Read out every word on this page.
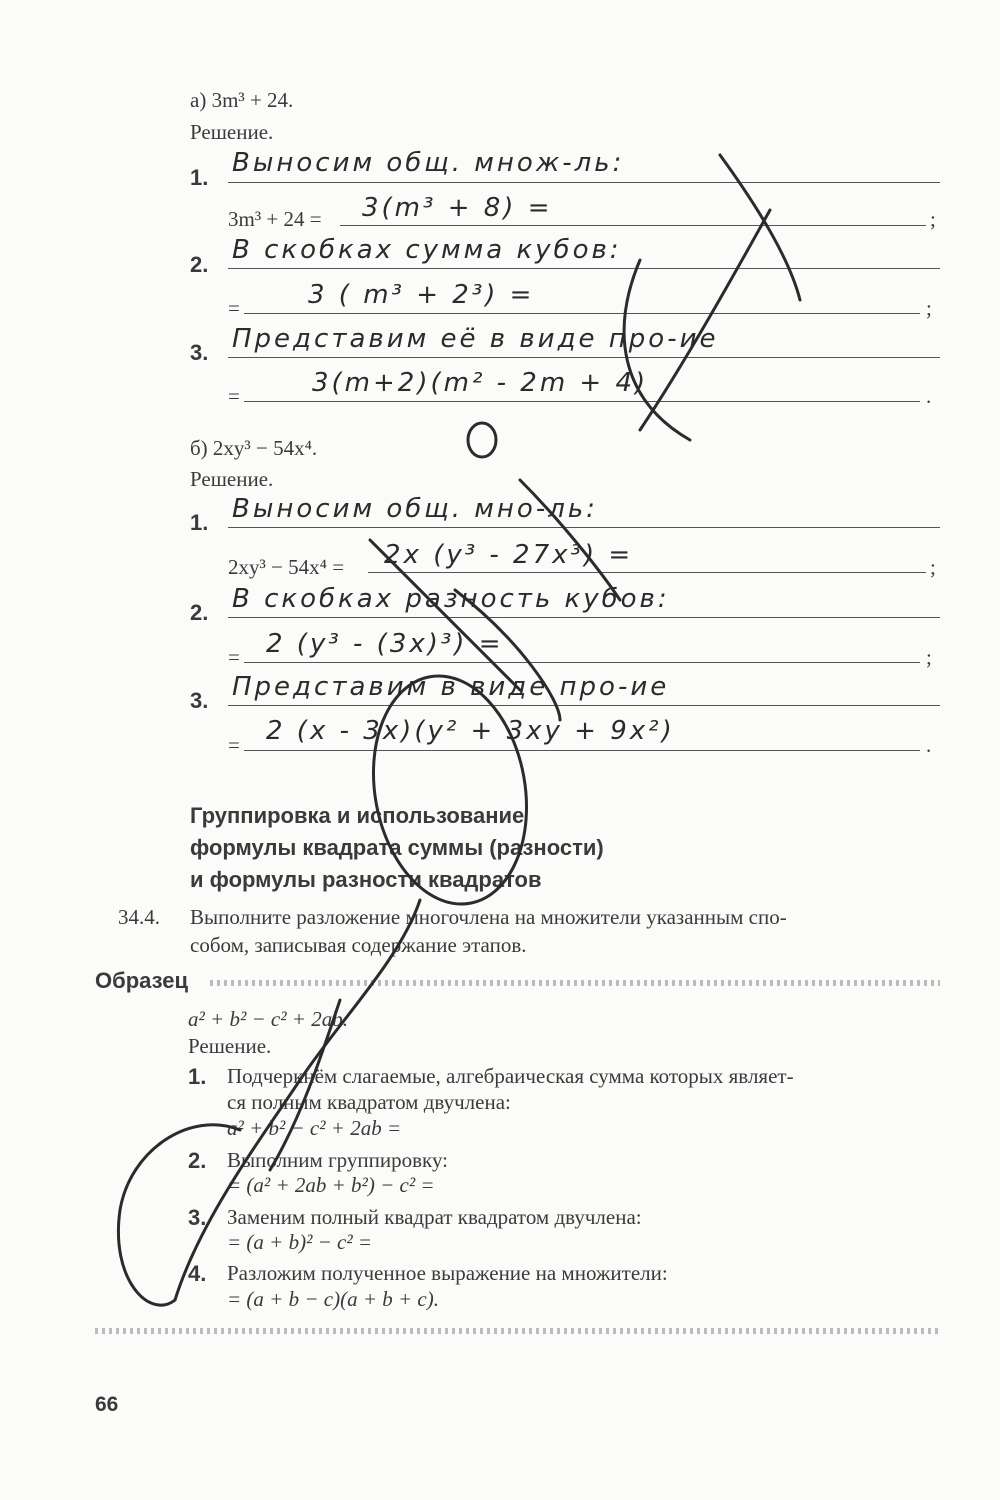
а) 3m³ + 24.
Решение.
1. Выносим общ. множ-ль:
3m³ + 24 = 3(m³ + 8) =	;
2. В скобках сумма кубов:
=	3 ( m³ + 2³) =	;
3. Представим её в виде про-ие
=	3(m+2)(m² - 2m + 4)	.
б) 2xy³ − 54x⁴.
Решение.
1. Выносим общ. мно-ль:
2xy³ − 54x⁴ = 2x (y³ - 27x³) =	;
2. В скобках разность кубов:
= 2 (y³ - (3x)³) =	;
3. Представим в виде про-ие
= 2 (x - 3x)(y² + 3xy + 9x²)	.
Группировка и использование
формулы квадрата суммы (разности)
и формулы разности квадратов
34.4. Выполните разложение многочлена на множители указанным спо-
собом, записывая содержание этапов.
Образец
a² + b² − c² + 2ab.
Решение.
1. Подчеркнём слагаемые, алгебраическая сумма которых являет-
ся полным квадратом двучлена:
a² + b² − c² + 2ab =
2. Выполним группировку:
= (a² + 2ab + b²) − c² =
3. Заменим полный квадрат квадратом двучлена:
= (a + b)² − c² =
4. Разложим полученное выражение на множители:
= (a + b − c)(a + b + c).
66
